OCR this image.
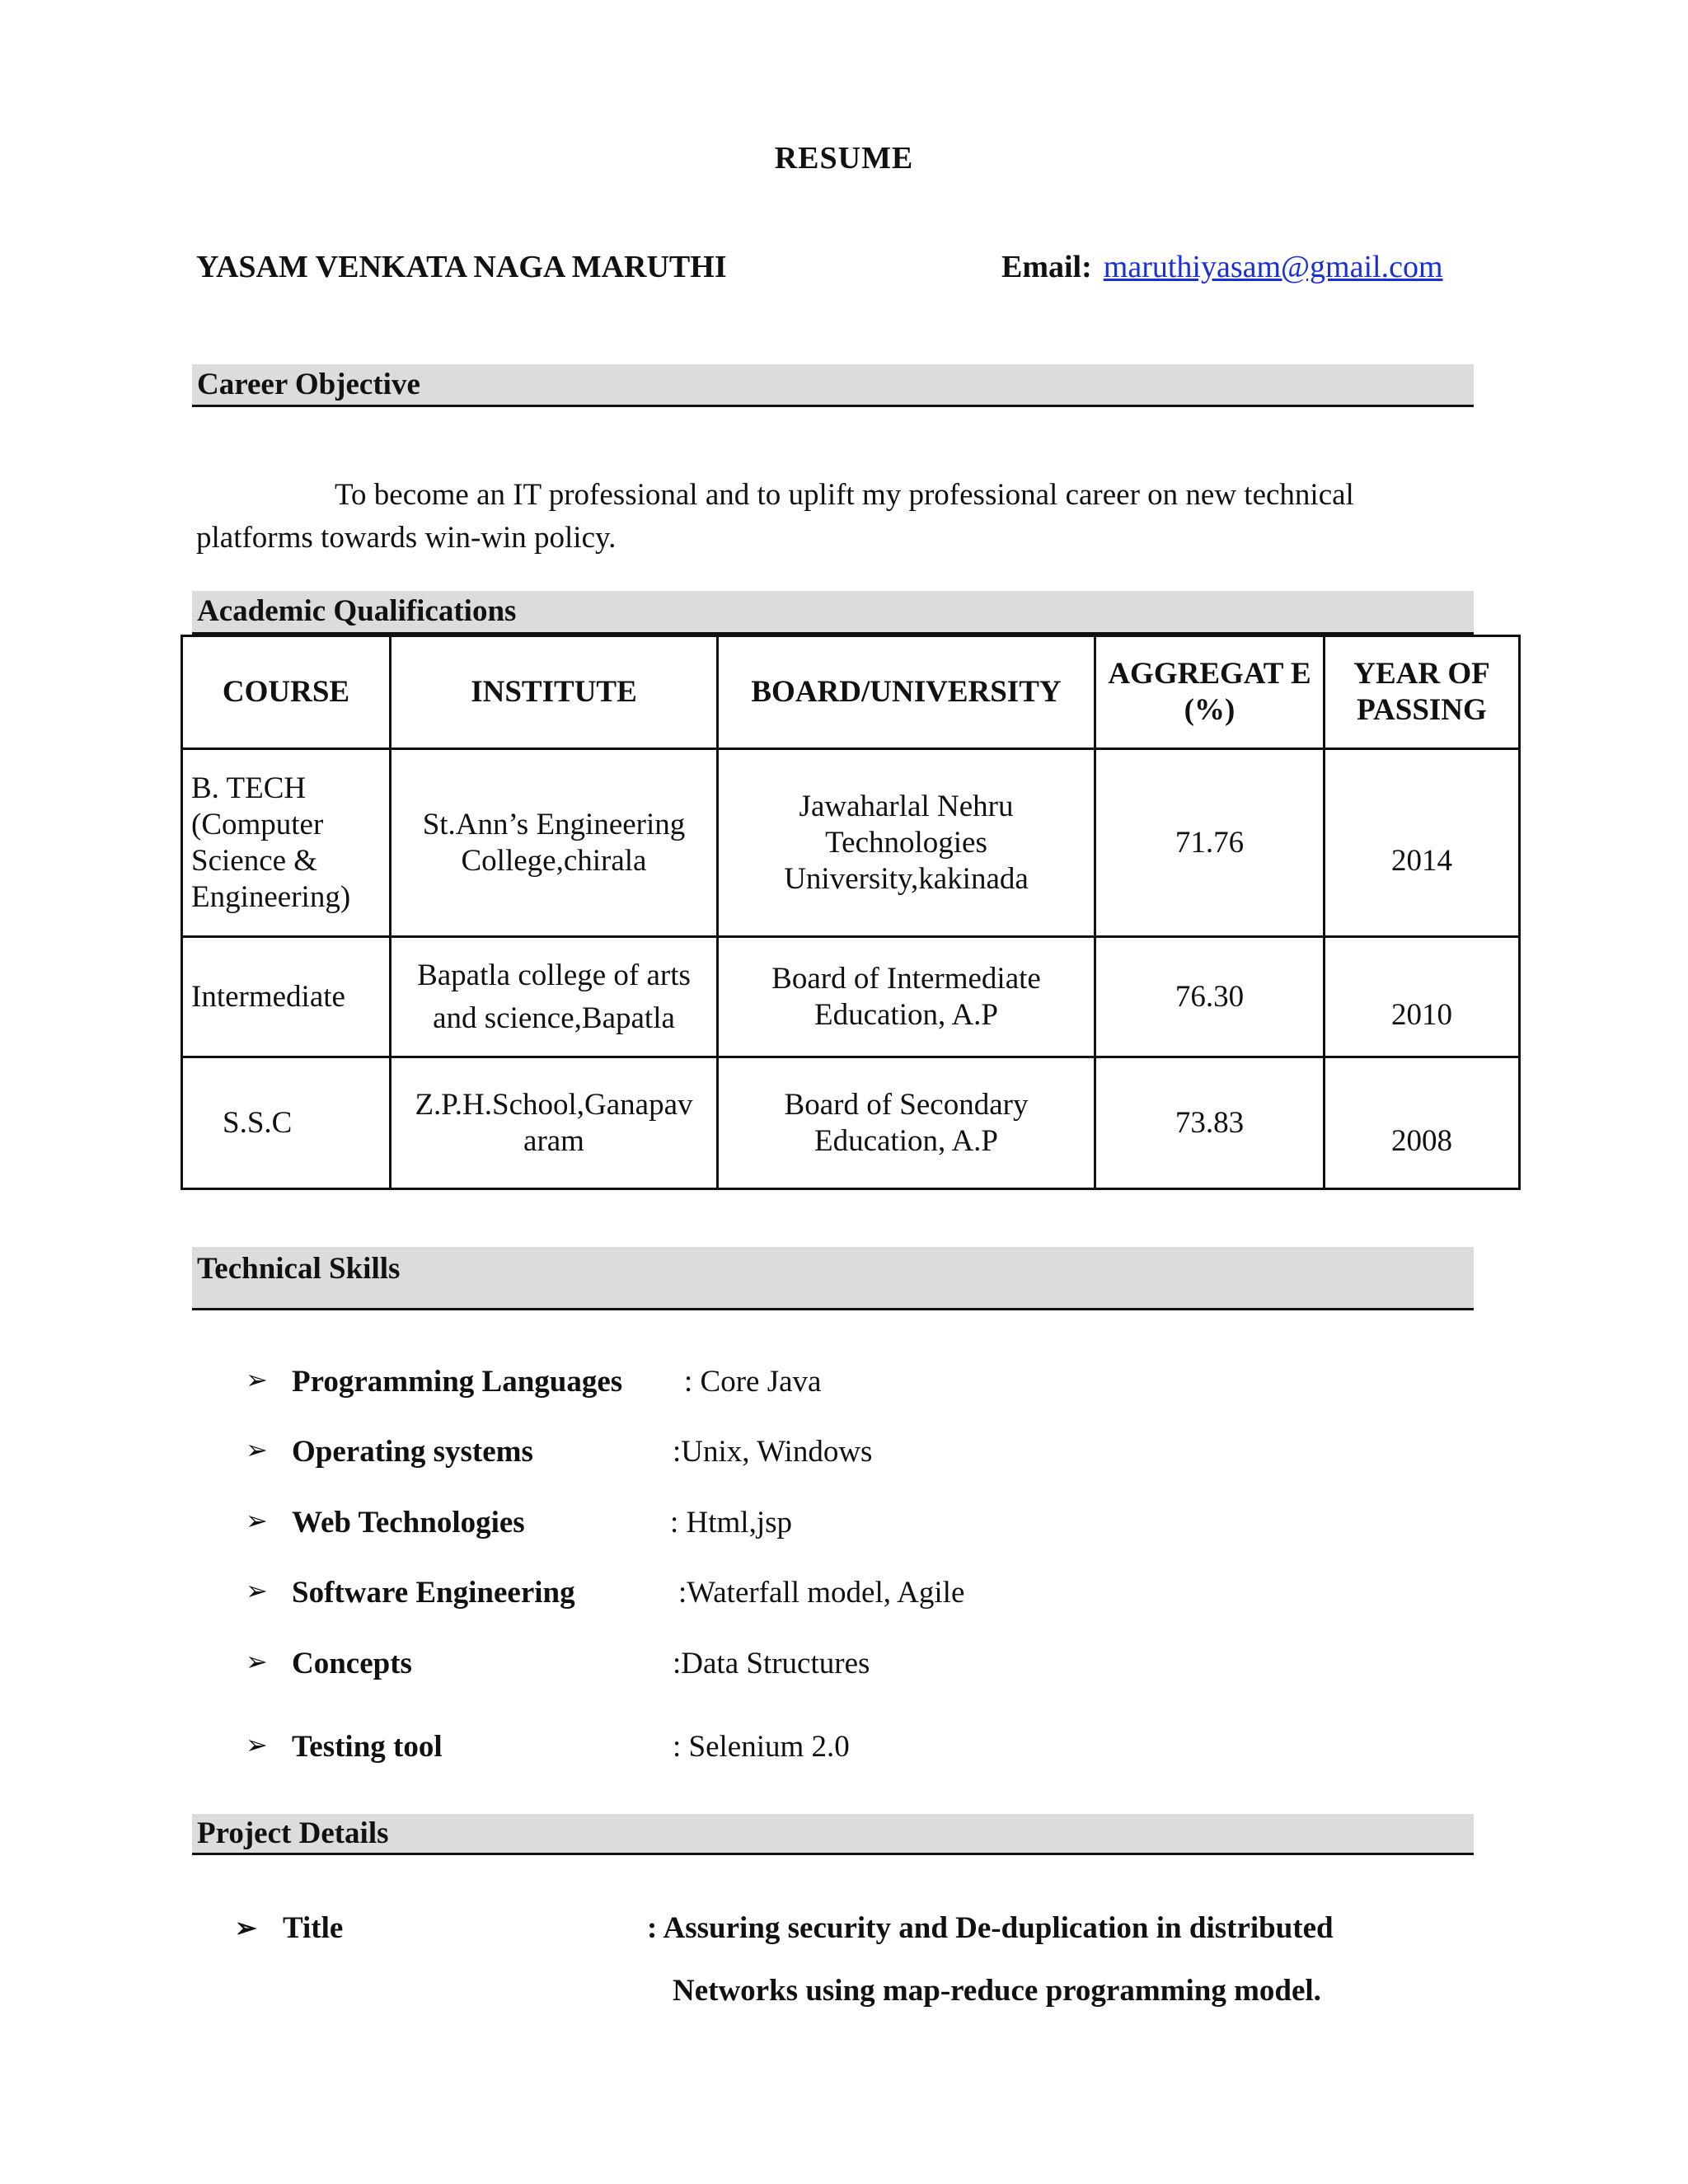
RESUME
YASAM VENKATA NAGA MARUTHI	Email: maruthiyasam@gmail.com
Career Objective
To become an IT professional and to uplift my professional career on new technical
platforms towards win-win policy.
Academic Qualifications
COURSE	INSTITUTE	BOARD/UNIVERSITY	AGGREGAT E (%)	YEAR OF PASSING
B. TECH (Computer Science & Engineering)	St.Ann’s Engineering College,chirala	Jawaharlal Nehru Technologies University,kakinada	71.76	2014
Intermediate	Bapatla college of arts and science,Bapatla	Board of Intermediate Education, A.P	76.30	2010
S.S.C	Z.P.H.School,Ganapav aram	Board of Secondary Education, A.P	73.83	2008
Technical Skills
➢ Programming Languages : Core Java
➢ Operating systems	:Unix, Windows
➢ Web Technologies	: Html,jsp
➢ Software Engineering	:Waterfall model, Agile
➢ Concepts	:Data Structures
➢ Testing tool	: Selenium 2.0
Project Details
➢ Title	: Assuring security and De-duplication in distributed
Networks using map-reduce programming model.
